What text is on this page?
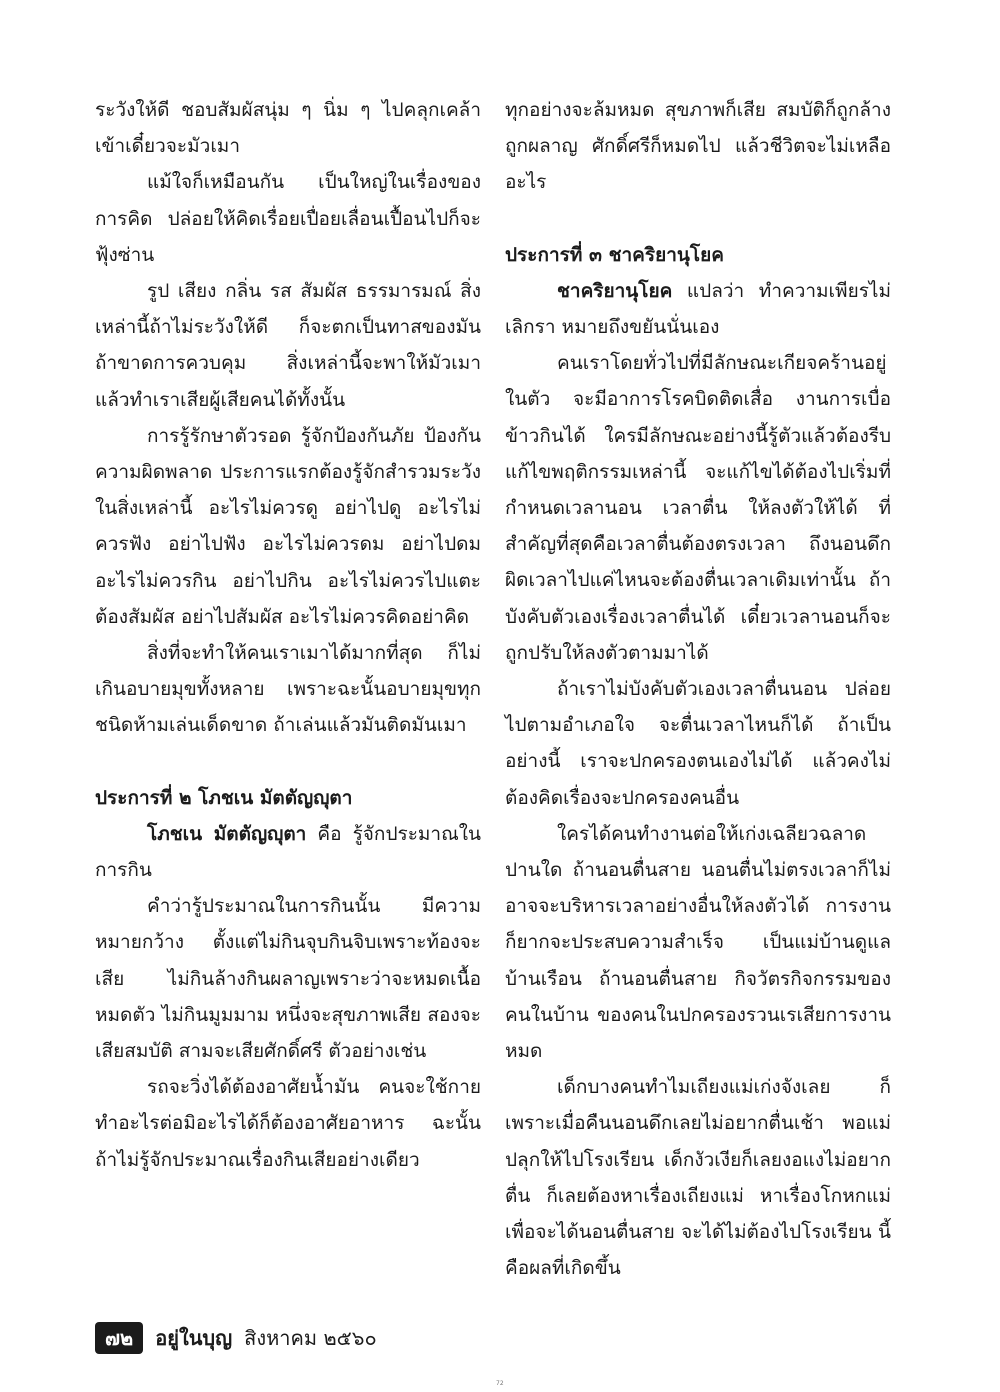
ระวังให้ดี ชอบสัมผัสนุ่ม ๆ นิ่ม ๆ ไปคลุกเคล้า เข้าเดี๋ยวจะมัวเมา

แม้ใจก็เหมือนกัน เป็นใหญ่ในเรื่องของการคิด ปล่อยให้คิดเรื่อยเปื่อยเลื่อนเปื้อนไปก็จะฟุ้งซ่าน

รูป เสียง กลิ่น รส สัมผัส ธรรมารมณ์ สิ่งเหล่านี้ถ้าไม่ระวังให้ดี ก็จะตกเป็นทาสของมัน ถ้าขาดการควบคุม สิ่งเหล่านี้จะพาให้มัวเมา แล้วทำเราเสียผู้เสียคนได้ทั้งนั้น

การรู้รักษาตัวรอด รู้จักป้องกันภัย ป้องกันความผิดพลาด ประการแรกต้องรู้จักสำรวมระวังในสิ่งเหล่านี้ อะไรไม่ควรดู อย่าไปดู อะไรไม่ควรฟัง อย่าไปฟัง อะไรไม่ควรดม อย่าไปดม อะไรไม่ควรกิน อย่าไปกิน อะไรไม่ควรไปแตะต้องสัมผัส อย่าไปสัมผัส อะไรไม่ควรคิดอย่าคิด

สิ่งที่จะทำให้คนเราเมาได้มากที่สุด ก็ไม่เกินอบายมุขทั้งหลาย เพราะฉะนั้นอบายมุขทุกชนิดห้ามเล่นเด็ดขาด ถ้าเล่นแล้วมันติดมันเมา

ประการที่ ๒ โภชเน มัตตัญญุตา

โภชเน มัตตัญญุตา คือ รู้จักประมาณในการกิน

คำว่ารู้ประมาณในการกินนั้น มีความหมายกว้าง ตั้งแต่ไม่กินจุบกินจิบเพราะท้องจะเสีย ไม่กินล้างกินผลาญเพราะว่าจะหมดเนื้อหมดตัว ไม่กินมูมมาม หนึ่งจะสุขภาพเสีย สองจะเสียสมบัติ สามจะเสียศักดิ์ศรี ตัวอย่างเช่น

รถจะวิ่งได้ต้องอาศัยน้ำมัน คนจะใช้กายทำอะไรต่อมิอะไรได้ก็ต้องอาศัยอาหาร ฉะนั้นถ้าไม่รู้จักประมาณเรื่องกินเสียอย่างเดียว

ทุกอย่างจะล้มหมด สุขภาพก็เสีย สมบัติก็ถูกล้างถูกผลาญ ศักดิ์ศรีก็หมดไป แล้วชีวิตจะไม่เหลืออะไร

ประการที่ ๓ ชาคริยานุโยค

ชาคริยานุโยค แปลว่า ทำความเพียรไม่เลิกรา หมายถึงขยันนั่นเอง

คนเราโดยทั่วไปที่มีลักษณะเกียจคร้านอยู่ในตัว จะมีอาการโรคบิดติดเสื่อ งานการเบื่อ ข้าวกินได้ ใครมีลักษณะอย่างนี้รู้ตัวแล้วต้องรีบแก้ไขพฤติกรรมเหล่านี้ จะแก้ไขได้ต้องไปเริ่มที่กำหนดเวลานอน เวลาตื่น ให้ลงตัวให้ได้ ที่สำคัญที่สุดคือเวลาตื่นต้องตรงเวลา ถึงนอนดึกผิดเวลาไปแค่ไหนจะต้องตื่นเวลาเดิมเท่านั้น ถ้าบังคับตัวเองเรื่องเวลาตื่นได้ เดี๋ยวเวลานอนก็จะถูกปรับให้ลงตัวตามมาได้

ถ้าเราไม่บังคับตัวเองเวลาตื่นนอน ปล่อยไปตามอำเภอใจ จะตื่นเวลาไหนก็ได้ ถ้าเป็นอย่างนี้ เราจะปกครองตนเองไม่ได้ แล้วคงไม่ต้องคิดเรื่องจะปกครองคนอื่น

ใครได้คนทำงานต่อให้เก่งเฉลียวฉลาดปานใด ถ้านอนตื่นสาย นอนตื่นไม่ตรงเวลาก็ไม่อาจจะบริหารเวลาอย่างอื่นให้ลงตัวได้ การงานก็ยากจะประสบความสำเร็จ เป็นแม่บ้านดูแลบ้านเรือน ถ้านอนตื่นสาย กิจวัตรกิจกรรมของคนในบ้าน ของคนในปกครองรวนเรเสียการงานหมด

เด็กบางคนทำไมเถียงแม่เก่งจังเลย ก็เพราะเมื่อคืนนอนดึกเลยไม่อยากตื่นเช้า พอแม่ปลุกให้ไปโรงเรียน เด็กงัวเงียก็เลยงอแงไม่อยากตื่น ก็เลยต้องหาเรื่องเถียงแม่ หาเรื่องโกหกแม่ เพื่อจะได้นอนตื่นสาย จะได้ไม่ต้องไปโรงเรียน นี้คือผลที่เกิดขึ้น

๗๒	อยู่ในบุญ สิงหาคม ๒๕๖๐
72
